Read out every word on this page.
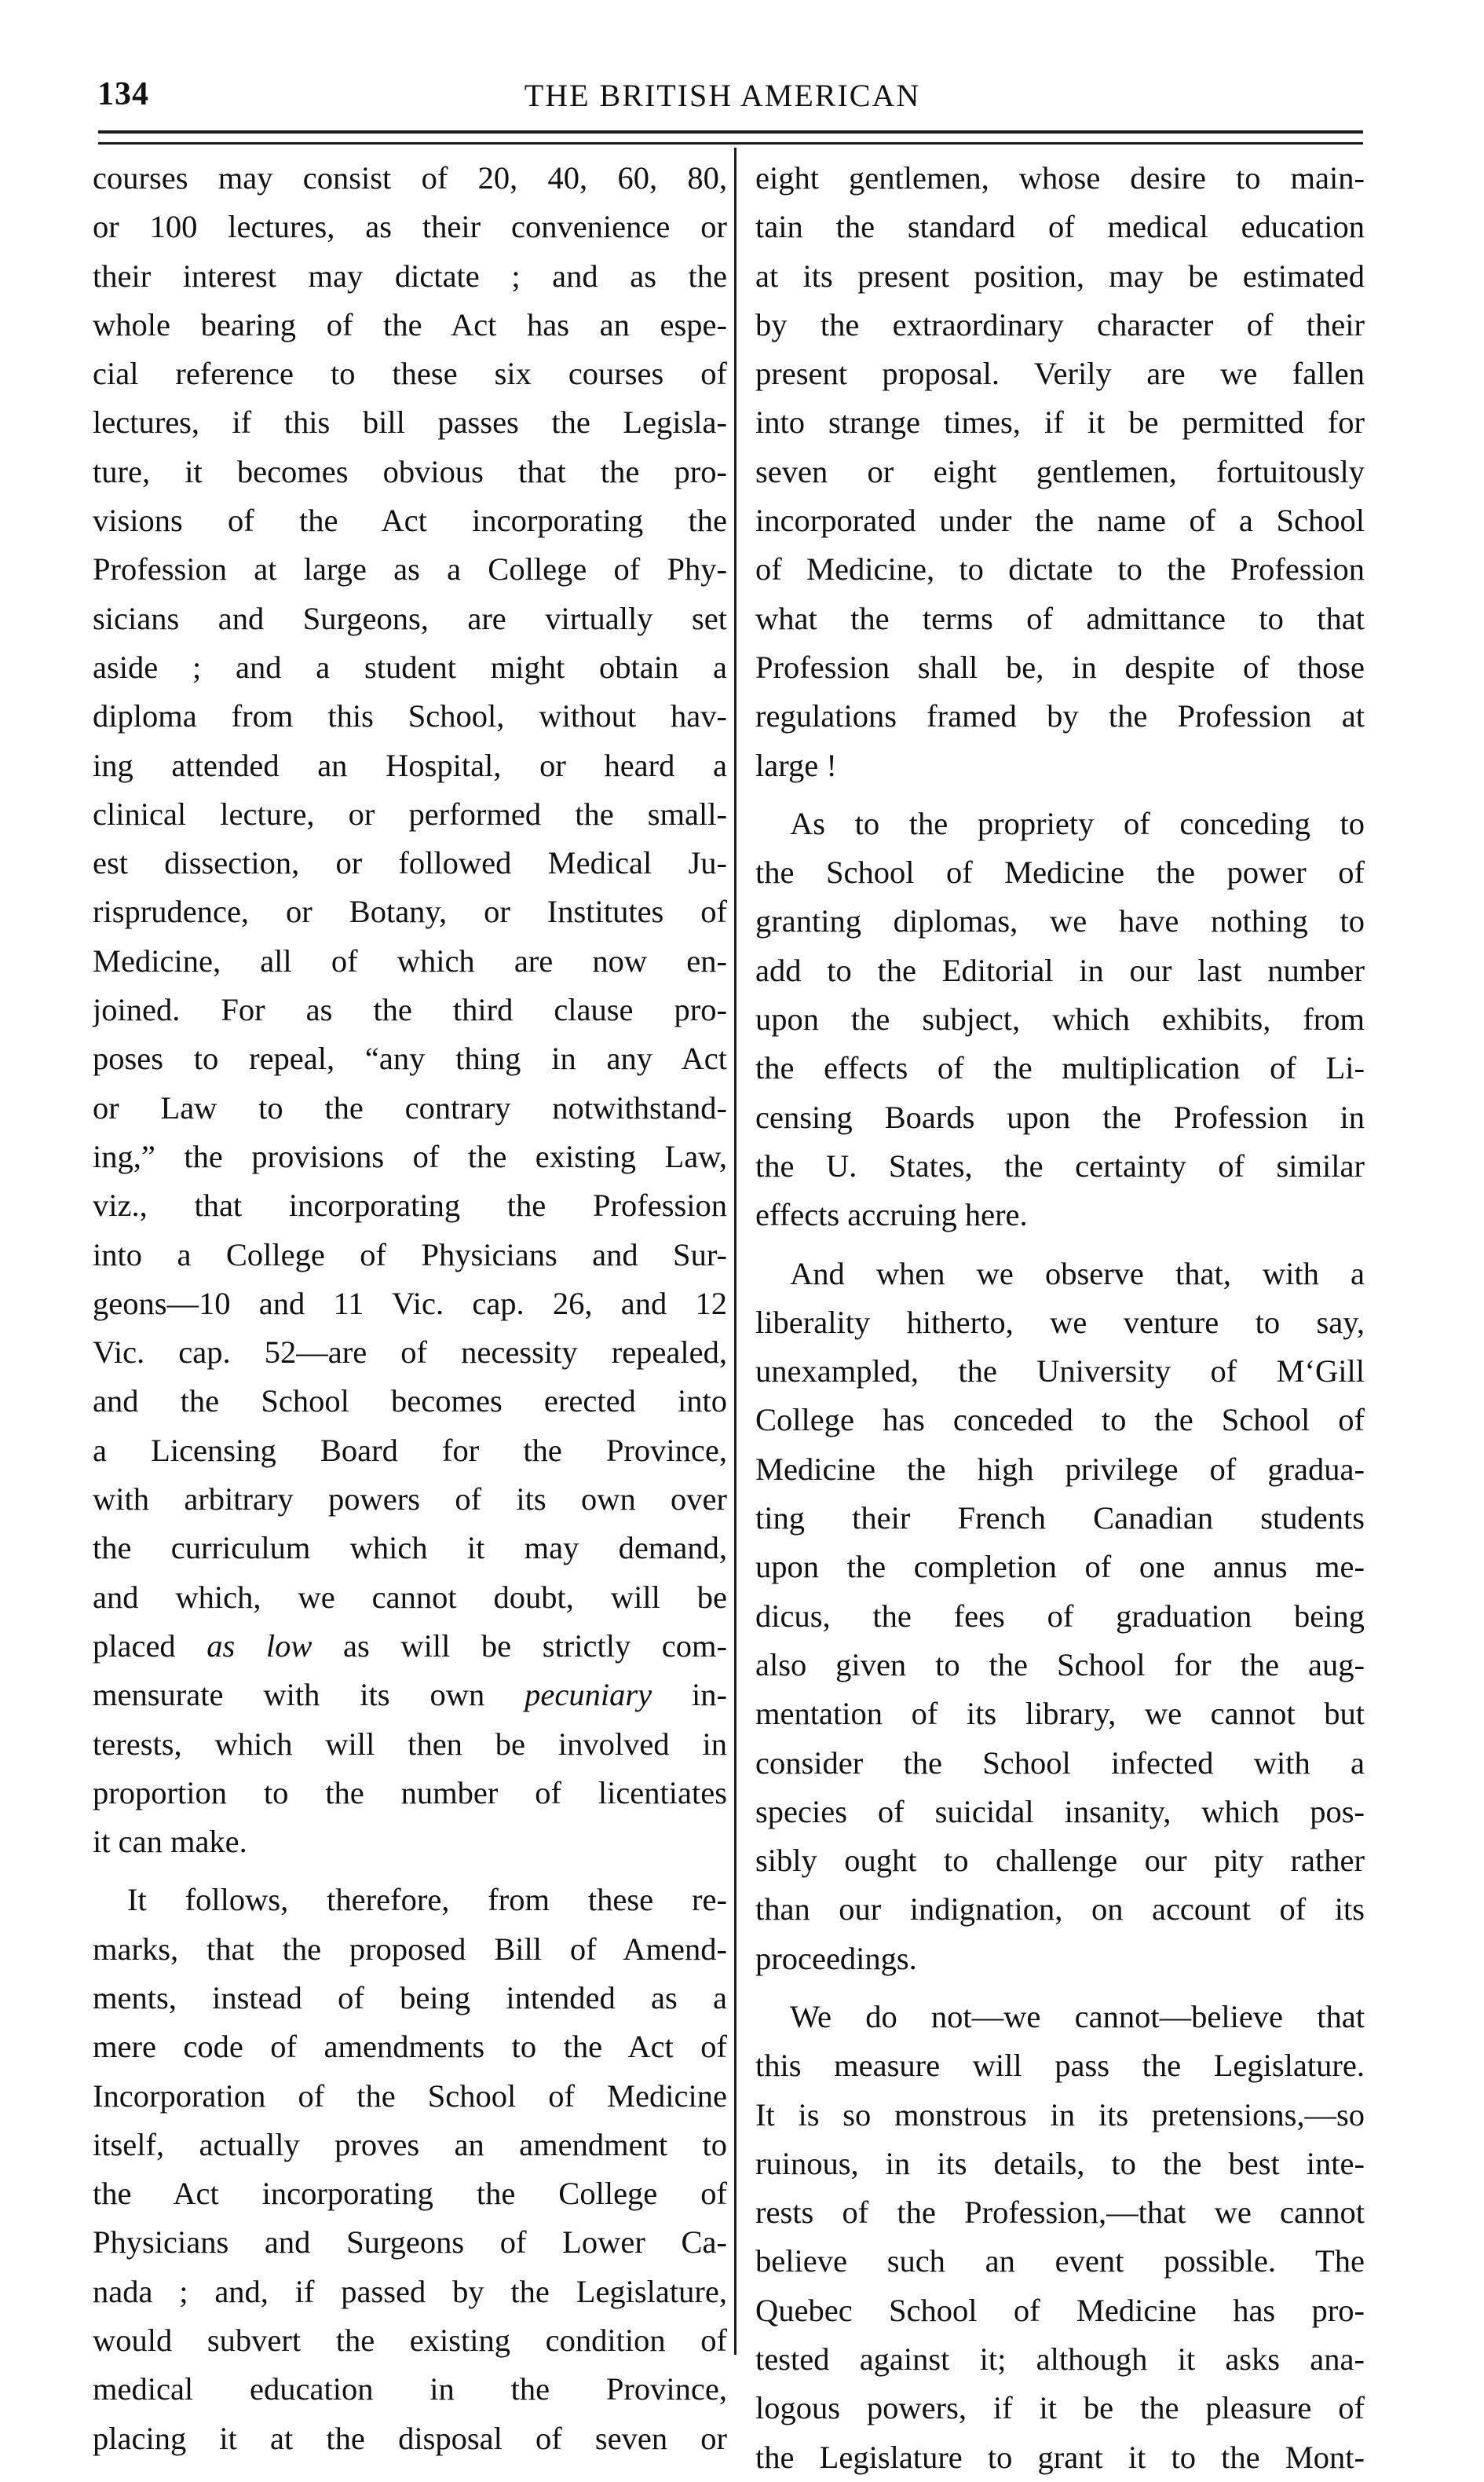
134	THE BRITISH AMERICAN
courses may consist of 20, 40, 60, 80,
or 100 lectures, as their convenience or
their interest may dictate ; and as the
whole bearing of the Act has an espe-
cial reference to these six courses of
lectures, if this bill passes the Legisla-
ture, it becomes obvious that the pro-
visions of the Act incorporating the
Profession at large as a College of Phy-
sicians and Surgeons, are virtually set
aside ; and a student might obtain a
diploma from this School, without hav-
ing attended an Hospital, or heard a
clinical lecture, or performed the small-
est dissection, or followed Medical Ju-
risprudence, or Botany, or Institutes of
Medicine, all of which are now en-
joined. For as the third clause pro-
poses to repeal, “any thing in any Act
or Law to the contrary notwithstand-
ing,” the provisions of the existing Law,
viz., that incorporating the Profession
into a College of Physicians and Sur-
geons—10 and 11 Vic. cap. 26, and 12
Vic. cap. 52—are of necessity repealed,
and the School becomes erected into
a Licensing Board for the Province,
with arbitrary powers of its own over
the curriculum which it may demand,
and which, we cannot doubt, will be
placed as low as will be strictly com-
mensurate with its own pecuniary in-
terests, which will then be involved in
proportion to the number of licentiates
it can make.
It follows, therefore, from these re-
marks, that the proposed Bill of Amend-
ments, instead of being intended as a
mere code of amendments to the Act of
Incorporation of the School of Medicine
itself, actually proves an amendment to
the Act incorporating the College of
Physicians and Surgeons of Lower Ca-
nada ; and, if passed by the Legislature,
would subvert the existing condition of
medical education in the Province,
placing it at the disposal of seven or
eight gentlemen, whose desire to main-
tain the standard of medical education
at its present position, may be estimated
by the extraordinary character of their
present proposal. Verily are we fallen
into strange times, if it be permitted for
seven or eight gentlemen, fortuitously
incorporated under the name of a School
of Medicine, to dictate to the Profession
what the terms of admittance to that
Profession shall be, in despite of those
regulations framed by the Profession at
large !
As to the propriety of conceding to
the School of Medicine the power of
granting diplomas, we have nothing to
add to the Editorial in our last number
upon the subject, which exhibits, from
the effects of the multiplication of Li-
censing Boards upon the Profession in
the U. States, the certainty of similar
effects accruing here.
And when we observe that, with a
liberality hitherto, we venture to say,
unexampled, the University of M‘Gill
College has conceded to the School of
Medicine the high privilege of gradua-
ting their French Canadian students
upon the completion of one annus me-
dicus, the fees of graduation being
also given to the School for the aug-
mentation of its library, we cannot but
consider the School infected with a
species of suicidal insanity, which pos-
sibly ought to challenge our pity rather
than our indignation, on account of its
proceedings.
We do not—we cannot—believe that
this measure will pass the Legislature.
It is so monstrous in its pretensions,—so
ruinous, in its details, to the best inte-
rests of the Profession,—that we cannot
believe such an event possible. The
Quebec School of Medicine has pro-
tested against it; although it asks ana-
logous powers, if it be the pleasure of
the Legislature to grant it to the Mont-
